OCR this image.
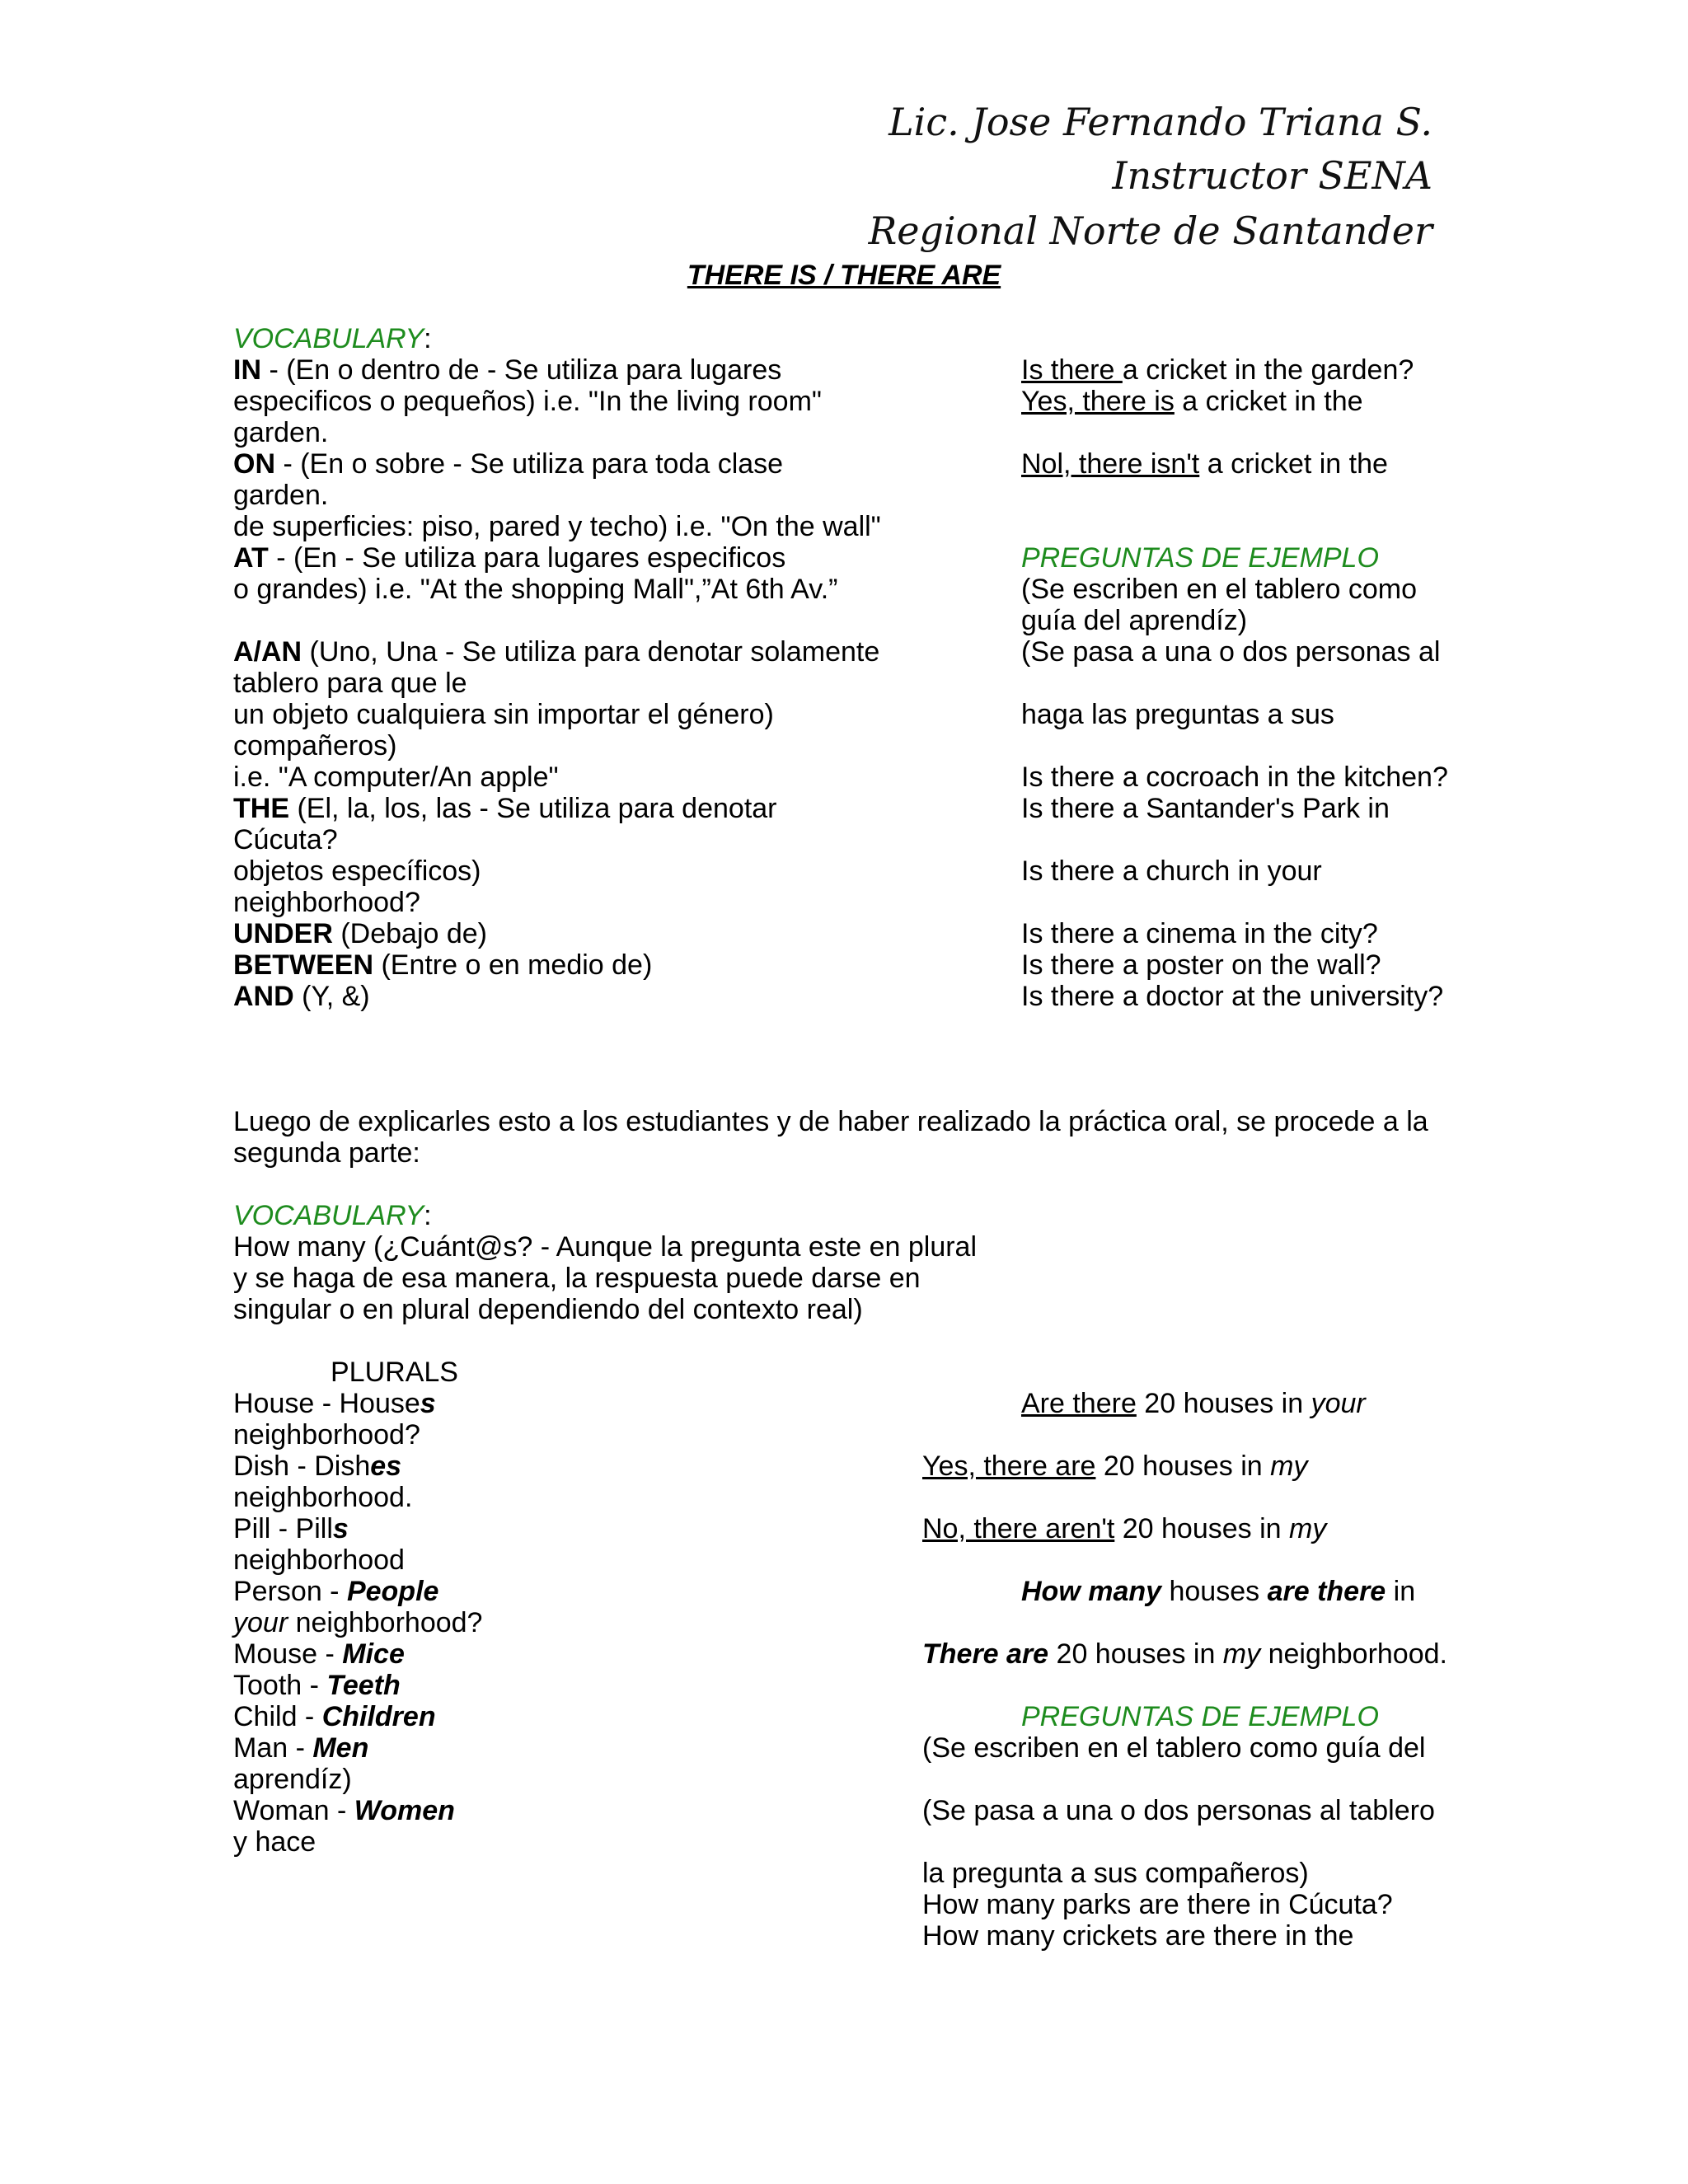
Lic. Jose Fernando Triana S.
Instructor SENA
Regional Norte de Santander
THERE IS / THERE ARE
VOCABULARY:
IN - (En o dentro de - Se utiliza para lugares
especificos o pequeños) i.e. "In the living room"
garden.
ON - (En o sobre - Se utiliza para toda clase
garden.
de superficies: piso, pared y techo) i.e. "On the wall"
AT - (En - Se utiliza para lugares especificos
o grandes) i.e. "At the shopping Mall",”At 6th Av.”
A/AN (Uno, Una - Se utiliza para denotar solamente
tablero para que le
un objeto cualquiera sin importar el género)
compañeros)
i.e. "A computer/An apple"
THE (El, la, los, las - Se utiliza para denotar
Cúcuta?
objetos específicos)
neighborhood?
UNDER (Debajo de)
BETWEEN (Entre o en medio de)
AND (Y, &)
Is there a cricket in the garden?
Yes, there is a cricket in the
Nol, there isn't a cricket in the
PREGUNTAS DE EJEMPLO
(Se escriben en el tablero como
guía del aprendíz)
(Se pasa a una o dos personas al
haga las preguntas a sus
Is there a cocroach in the kitchen?
Is there a Santander's Park in
Is there a church in your
Is there a cinema in the city?
Is there a poster on the wall?
Is there a doctor at the university?
Luego de explicarles esto a los estudiantes y de haber realizado la práctica oral, se procede a la
segunda parte:
VOCABULARY:
How many (¿Cuánt@s? - Aunque la pregunta este en plural
y se haga de esa manera, la respuesta puede darse en
singular o en plural dependiendo del contexto real)
PLURALS
House - Houses
neighborhood?
Dish - Dishes
neighborhood.
Pill - Pills
neighborhood
Person - People
your neighborhood?
Mouse - Mice
Tooth - Teeth
Child - Children
Man - Men
aprendíz)
Woman - Women
y hace
Are there 20 houses in your
Yes, there are 20 houses in my
No, there aren't 20 houses in my
How many houses are there in
There are 20 houses in my neighborhood.
PREGUNTAS DE EJEMPLO
(Se escriben en el tablero como guía del
(Se pasa a una o dos personas al tablero
la pregunta a sus compañeros)
How many parks are there in Cúcuta?
How many crickets are there in the
